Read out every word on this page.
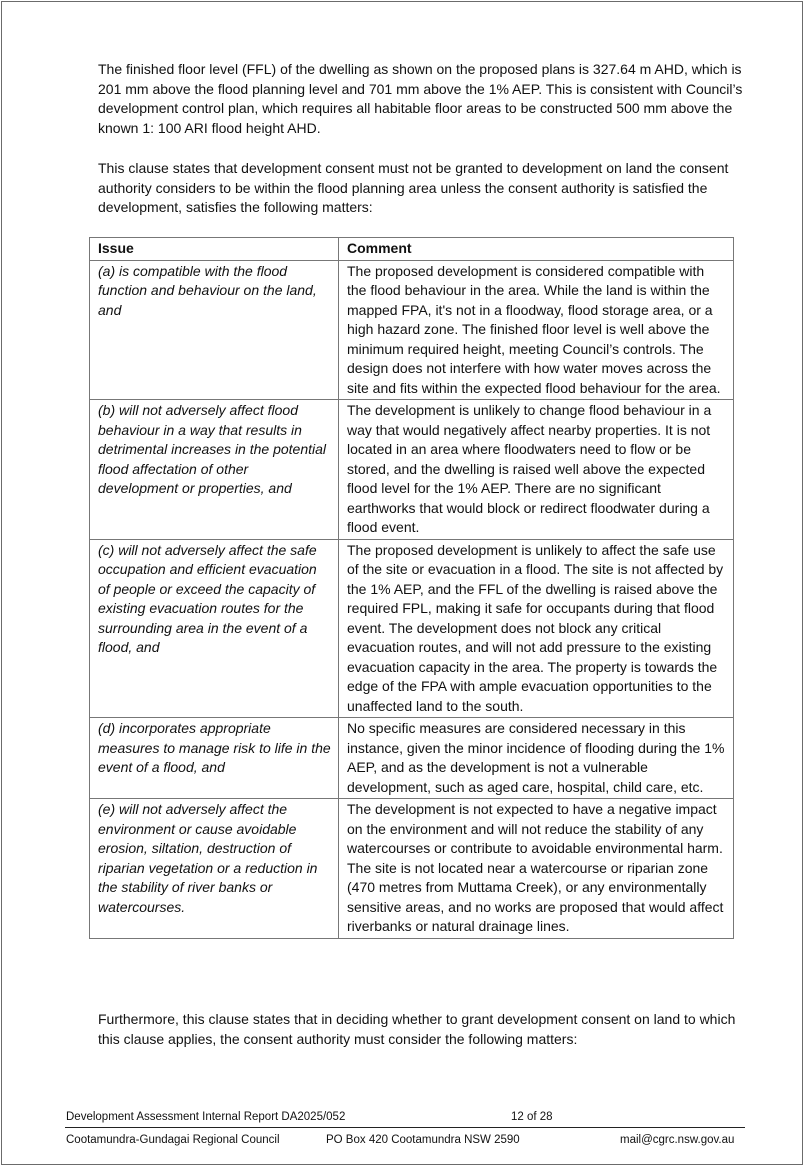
The finished floor level (FFL) of the dwelling as shown on the proposed plans is 327.64 m AHD, which is 201 mm above the flood planning level and 701 mm above the 1% AEP. This is consistent with Council’s development control plan, which requires all habitable floor areas to be constructed 500 mm above the known 1: 100 ARI flood height AHD.

This clause states that development consent must not be granted to development on land the consent authority considers to be within the flood planning area unless the consent authority is satisfied the development, satisfies the following matters:

Issue	Comment
(a) is compatible with the flood function and behaviour on the land, and	The proposed development is considered compatible with the flood behaviour in the area. While the land is within the mapped FPA, it's not in a floodway, flood storage area, or a high hazard zone. The finished floor level is well above the minimum required height, meeting Council’s controls. The design does not interfere with how water moves across the site and fits within the expected flood behaviour for the area.
(b) will not adversely affect flood behaviour in a way that results in detrimental increases in the potential flood affectation of other development or properties, and	The development is unlikely to change flood behaviour in a way that would negatively affect nearby properties. It is not located in an area where floodwaters need to flow or be stored, and the dwelling is raised well above the expected flood level for the 1% AEP. There are no significant earthworks that would block or redirect floodwater during a flood event.
(c) will not adversely affect the safe occupation and efficient evacuation of people or exceed the capacity of existing evacuation routes for the surrounding area in the event of a flood, and	The proposed development is unlikely to affect the safe use of the site or evacuation in a flood. The site is not affected by the 1% AEP, and the FFL of the dwelling is raised above the required FPL, making it safe for occupants during that flood event. The development does not block any critical evacuation routes, and will not add pressure to the existing evacuation capacity in the area. The property is towards the edge of the FPA with ample evacuation opportunities to the unaffected land to the south.
(d) incorporates appropriate measures to manage risk to life in the event of a flood, and	No specific measures are considered necessary in this instance, given the minor incidence of flooding during the 1% AEP, and as the development is not a vulnerable development, such as aged care, hospital, child care, etc.
(e) will not adversely affect the environment or cause avoidable erosion, siltation, destruction of riparian vegetation or a reduction in the stability of river banks or watercourses.	The development is not expected to have a negative impact on the environment and will not reduce the stability of any watercourses or contribute to avoidable environmental harm. The site is not located near a watercourse or riparian zone (470 metres from Muttama Creek), or any environmentally sensitive areas, and no works are proposed that would affect riverbanks or natural drainage lines.

Furthermore, this clause states that in deciding whether to grant development consent on land to which this clause applies, the consent authority must consider the following matters:

Development Assessment Internal Report DA2025/052	12 of 28
Cootamundra-Gundagai Regional Council	PO Box 420 Cootamundra NSW 2590	mail@cgrc.nsw.gov.au
